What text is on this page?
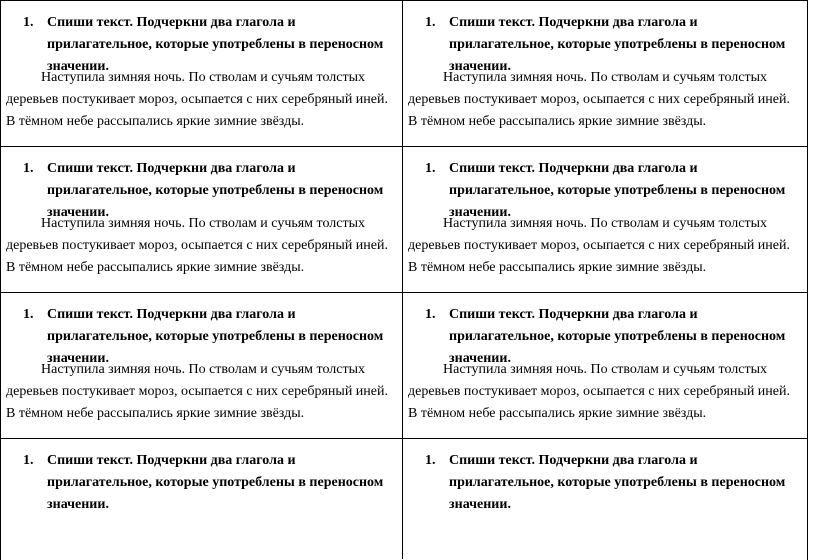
1. Спиши текст. Подчеркни два глагола и прилагательное, которые употреблены в переносном значении.
Наступила зимняя ночь. По стволам и сучьям толстых деревьев постукивает мороз, осыпается с них серебряный иней. В тёмном небе рассыпались яркие зимние звёзды.
1. Спиши текст. Подчеркни два глагола и прилагательное, которые употреблены в переносном значении.
Наступила зимняя ночь. По стволам и сучьям толстых деревьев постукивает мороз, осыпается с них серебряный иней. В тёмном небе рассыпались яркие зимние звёзды.
1. Спиши текст. Подчеркни два глагола и прилагательное, которые употреблены в переносном значении.
Наступила зимняя ночь. По стволам и сучьям толстых деревьев постукивает мороз, осыпается с них серебряный иней. В тёмном небе рассыпались яркие зимние звёзды.
1. Спиши текст. Подчеркни два глагола и прилагательное, которые употреблены в переносном значении.
Наступила зимняя ночь. По стволам и сучьям толстых деревьев постукивает мороз, осыпается с них серебряный иней. В тёмном небе рассыпались яркие зимние звёзды.
1. Спиши текст. Подчеркни два глагола и прилагательное, которые употреблены в переносном значении.
Наступила зимняя ночь. По стволам и сучьям толстых деревьев постукивает мороз, осыпается с них серебряный иней. В тёмном небе рассыпались яркие зимние звёзды.
1. Спиши текст. Подчеркни два глагола и прилагательное, которые употреблены в переносном значении.
Наступила зимняя ночь. По стволам и сучьям толстых деревьев постукивает мороз, осыпается с них серебряный иней. В тёмном небе рассыпались яркие зимние звёзды.
1. Спиши текст. Подчеркни два глагола и прилагательное, которые употреблены в переносном значении.
1. Спиши текст. Подчеркни два глагола и прилагательное, которые употреблены в переносном значении.
